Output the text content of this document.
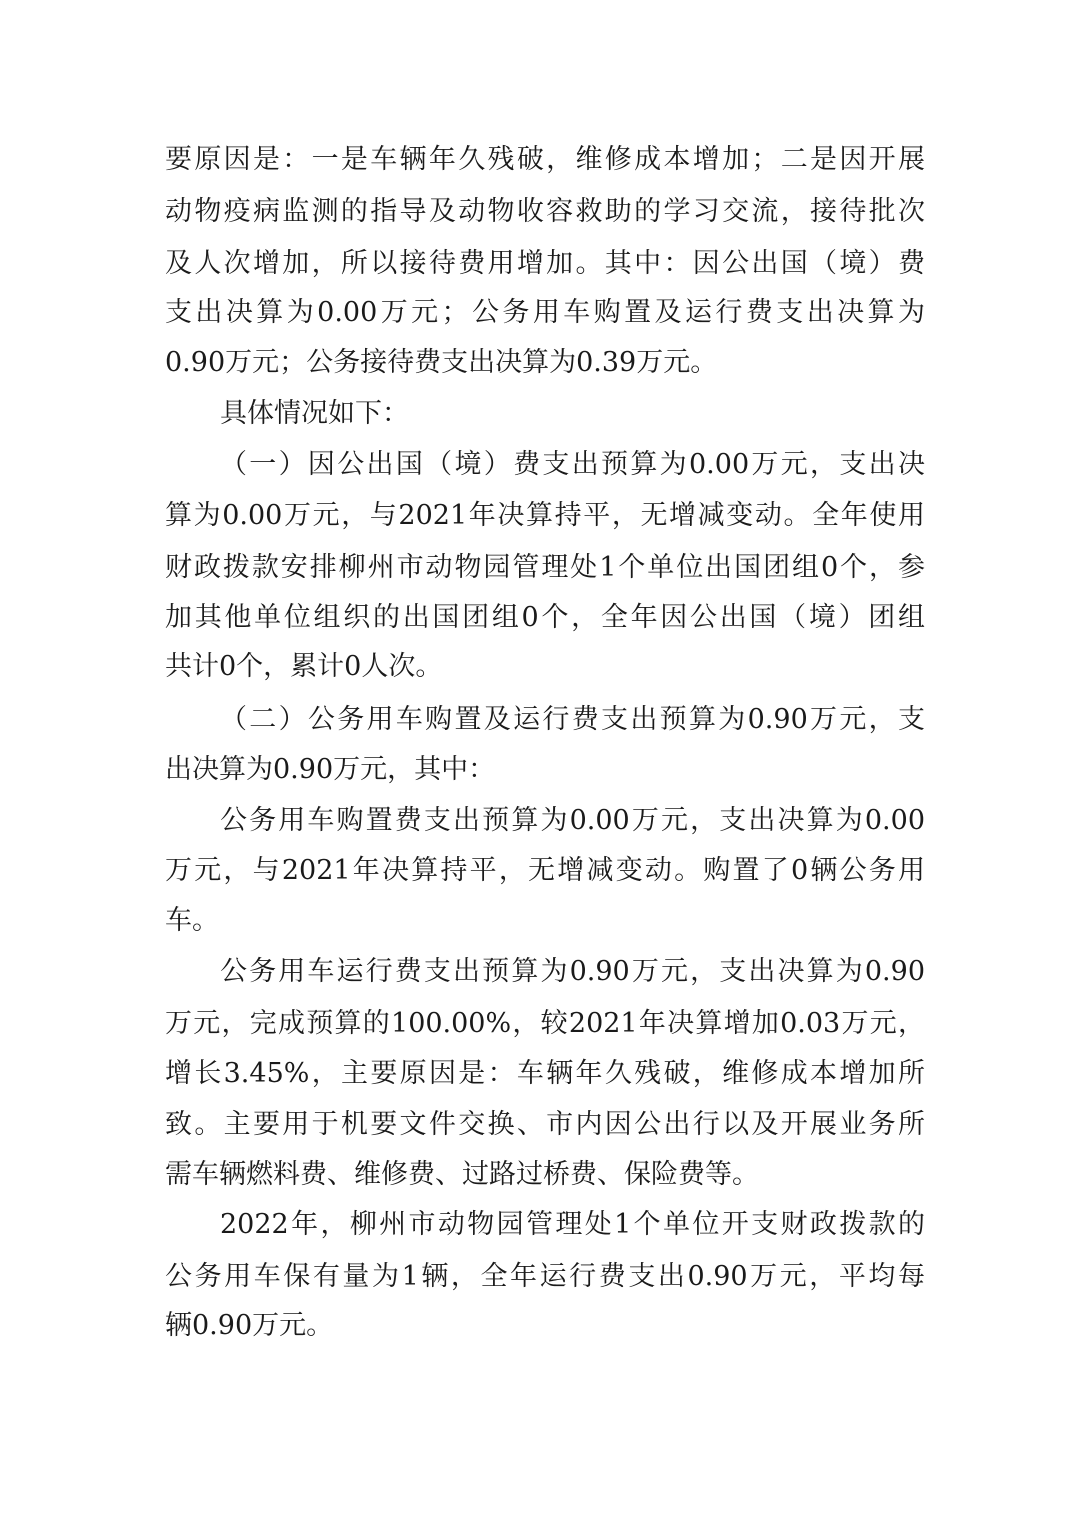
要原因是：一是车辆年久残破，维修成本增加；二是因开展
动物疫病监测的指导及动物收容救助的学习交流，接待批次
及人次增加，所以接待费用增加。其中：因公出国（境）费
支出决算为0.00万元；公务用车购置及运行费支出决算为
0.90万元；公务接待费支出决算为0.39万元。
具体情况如下：
（一）因公出国（境）费支出预算为0.00万元，支出决
算为0.00万元，与2021年决算持平，无增减变动。全年使用
财政拨款安排柳州市动物园管理处1个单位出国团组0个，参
加其他单位组织的出国团组0个，全年因公出国（境）团组
共计0个，累计0人次。
（二）公务用车购置及运行费支出预算为0.90万元，支
出决算为0.90万元，其中：
公务用车购置费支出预算为0.00万元，支出决算为0.00
万元，与2021年决算持平，无增减变动。购置了0辆公务用
车。
公务用车运行费支出预算为0.90万元，支出决算为0.90
万元，完成预算的100.00%，较2021年决算增加0.03万元，
增长3.45%，主要原因是：车辆年久残破，维修成本增加所
致。主要用于机要文件交换、市内因公出行以及开展业务所
需车辆燃料费、维修费、过路过桥费、保险费等。
2022年，柳州市动物园管理处1个单位开支财政拨款的
公务用车保有量为1辆，全年运行费支出0.90万元，平均每
辆0.90万元。
